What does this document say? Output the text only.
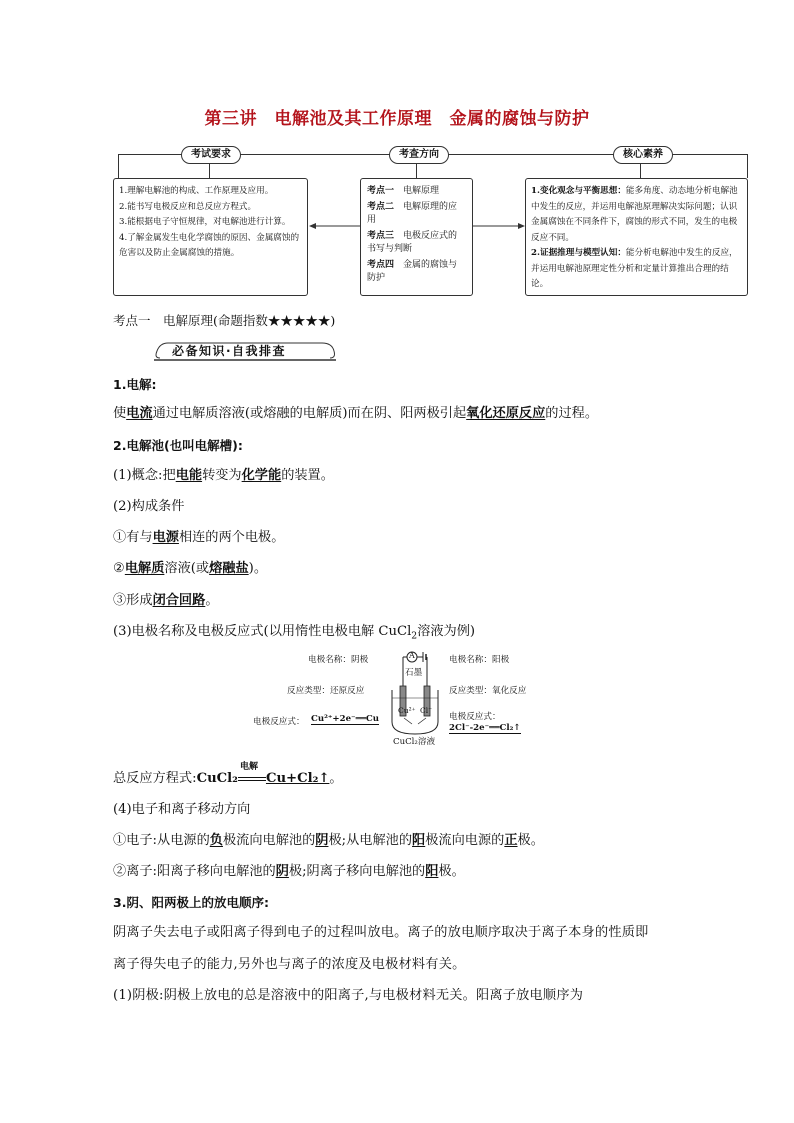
第三讲　电解池及其工作原理　金属的腐蚀与防护
考试要求	考查方向	核心素养
1.理解电解池的构成、工作原理及应用。
2.能书写电极反应和总反应方程式。
3.能根据电子守恒规律，对电解池进行计算。
4.了解金属发生电化学腐蚀的原因、金属腐蚀的危害以及防止金属腐蚀的措施。
考点一　 电解原理
考点二　 电解原理的应用
考点三　 电极反应式的书写与判断
考点四　 金属的腐蚀与防护
1.变化观念与平衡思想：能多角度、动态地分析电解池中发生的反应，并运用电解池原理解决实际问题；认识金属腐蚀在不同条件下，腐蚀的形式不同，发生的电极反应不同。
2.证据推理与模型认知：能分析电解池中发生的反应，并运用电解池原理定性分析和定量计算推出合理的结论。
考点一　电解原理(命题指数★★★★★)
必备知识·自我排查
1.电解:
使电流通过电解质溶液(或熔融的电解质)而在阴、阳两极引起氧化还原反应的过程。
2.电解池(也叫电解槽):
(1)概念:把电能转变为化学能的装置。
(2)构成条件
①有与电源相连的两个电极。
②电解质溶液(或熔融盐)。
③形成闭合回路。
(3)电极名称及电极反应式(以用惰性电极电解 CuCl$_2$溶液为例)
电极名称：阴极
反应类型：还原反应
电极反应式： Cu²⁺+2e⁻══Cu
电极名称：阳极
反应类型：氧化反应
电极反应式：
2Cl⁻-2e⁻══Cl₂↑
A
石墨
Cu²⁺ Cl⁻
CuCl₂溶液
总反应方程式:CuCl₂
电解
Cu+Cl₂↑。
(4)电子和离子移动方向
①电子:从电源的负极流向电解池的阴极;从电解池的阳极流向电源的正极。
②离子:阳离子移向电解池的阴极;阴离子移向电解池的阳极。
3.阴、阳两极上的放电顺序:
阴离子失去电子或阳离子得到电子的过程叫放电。离子的放电顺序取决于离子本身的性质即
离子得失电子的能力,另外也与离子的浓度及电极材料有关。
(1)阴极:阴极上放电的总是溶液中的阳离子,与电极材料无关。阳离子放电顺序为
